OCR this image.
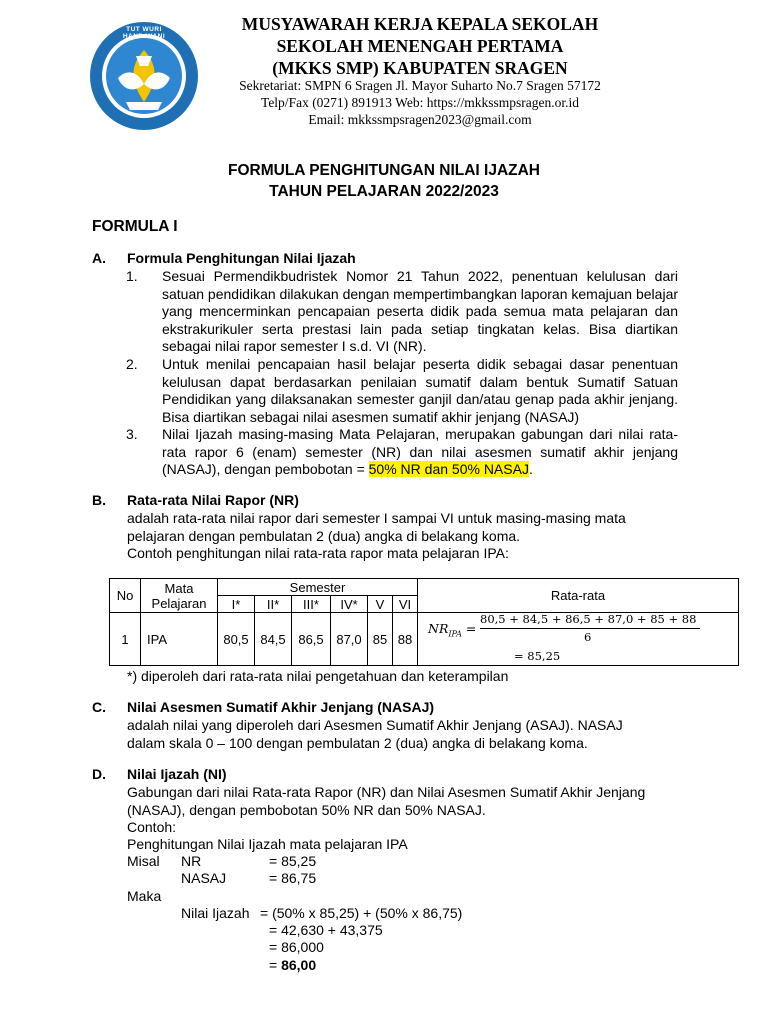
TUT WURI HANDAYANI
MUSYAWARAH KERJA KEPALA SEKOLAH
SEKOLAH MENENGAH PERTAMA
(MKKS SMP) KABUPATEN SRAGEN
Sekretariat: SMPN 6 Sragen Jl. Mayor Suharto No.7 Sragen 57172
Telp/Fax (0271) 891913 Web: https://mkkssmpsragen.or.id
Email: mkkssmpsragen2023@gmail.com
FORMULA PENGHITUNGAN NILAI IJAZAH
TAHUN PELAJARAN 2022/2023
FORMULA I
A. Formula Penghitungan Nilai Ijazah
1. Sesuai Permendikbudristek Nomor 21 Tahun 2022, penentuan kelulusan dari satuan pendidikan dilakukan dengan mempertimbangkan laporan kemajuan belajar yang mencerminkan pencapaian peserta didik pada semua mata pelajaran dan ekstrakurikuler serta prestasi lain pada setiap tingkatan kelas. Bisa diartikan sebagai nilai rapor semester I s.d. VI (NR).
2. Untuk menilai pencapaian hasil belajar peserta didik sebagai dasar penentuan kelulusan dapat berdasarkan penilaian sumatif dalam bentuk Sumatif Satuan Pendidikan yang dilaksanakan semester ganjil dan/atau genap pada akhir jenjang. Bisa diartikan sebagai nilai asesmen sumatif akhir jenjang (NASAJ)
3. Nilai Ijazah masing-masing Mata Pelajaran, merupakan gabungan dari nilai rata-rata rapor 6 (enam) semester (NR) dan nilai asesmen sumatif akhir jenjang (NASAJ), dengan pembobotan = 50% NR dan 50% NASAJ.
B. Rata-rata Nilai Rapor (NR)
adalah rata-rata nilai rapor dari semester I sampai VI untuk masing-masing mata pelajaran dengan pembulatan 2 (dua) angka di belakang koma.
Contoh penghitungan nilai rata-rata rapor mata pelajaran IPA:
No	Mata Pelajaran	Semester						Rata-rata
		I*	II*	III*	IV*	V	VI	
1	IPA	80,5	84,5	86,5	87,0	85	88	$NR_{IPA}$ =
80,5 + 84,5 + 86,5 + 87,0 + 85 + 88
6
= 85,25
*) diperoleh dari rata-rata nilai pengetahuan dan keterampilan
C. Nilai Asesmen Sumatif Akhir Jenjang (NASAJ)
adalah nilai yang diperoleh dari Asesmen Sumatif Akhir Jenjang (ASAJ). NASAJ dalam skala 0 – 100 dengan pembulatan 2 (dua) angka di belakang koma.
D. Nilai Ijazah (NI)
Gabungan dari nilai Rata-rata Rapor (NR) dan Nilai Asesmen Sumatif Akhir Jenjang (NASAJ), dengan pembobotan 50% NR dan 50% NASAJ.
Contoh:
Penghitungan Nilai Ijazah mata pelajaran IPA
Misal NR	= 85,25
NASAJ	= 86,75
Maka
Nilai Ijazah = (50% x 85,25) + (50% x 86,75)
= 42,630 + 43,375
= 86,000
= 86,00
